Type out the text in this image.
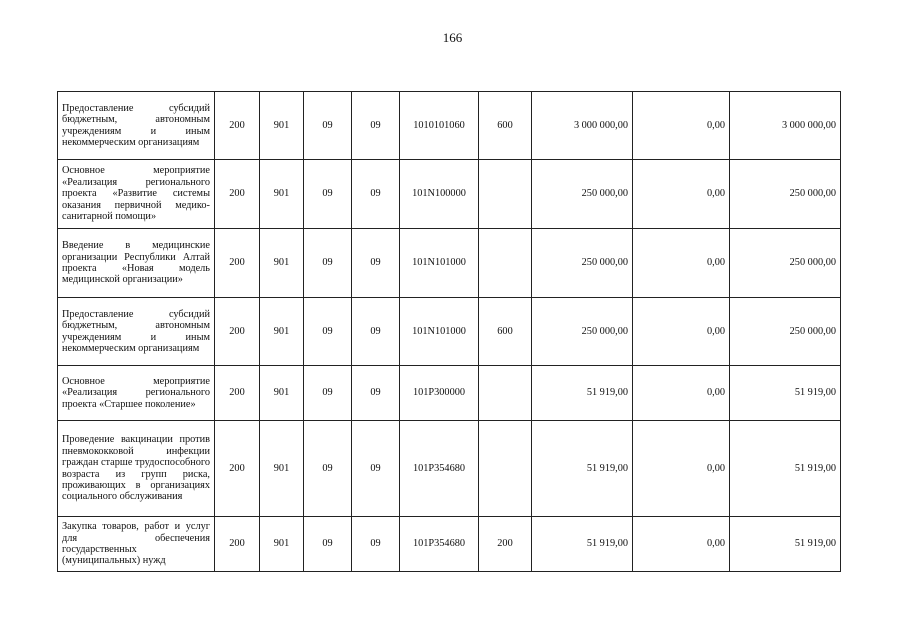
166
Предоставление субсидий бюджетным, автономным учреждениям и иным некоммерческим организациям	200	901	09	09	1010101060	600	3 000 000,00	0,00	3 000 000,00
Основное мероприятие «Реализация регионального проекта «Развитие системы оказания первичной медико-санитарной помощи»	200	901	09	09	101N100000		250 000,00	0,00	250 000,00
Введение в медицинские организации Республики Алтай проекта «Новая модель медицинской организации»	200	901	09	09	101N101000		250 000,00	0,00	250 000,00
Предоставление субсидий бюджетным, автономным учреждениям и иным некоммерческим организациям	200	901	09	09	101N101000	600	250 000,00	0,00	250 000,00
Основное мероприятие «Реализация регионального проекта «Старшее поколение»	200	901	09	09	101P300000		51 919,00	0,00	51 919,00
Проведение вакцинации против пневмококковой инфекции граждан старше трудоспособного возраста из групп риска, проживающих в организациях социального обслуживания	200	901	09	09	101P354680		51 919,00	0,00	51 919,00
Закупка товаров, работ и услуг для обеспечения государственных (муниципальных) нужд	200	901	09	09	101P354680	200	51 919,00	0,00	51 919,00
